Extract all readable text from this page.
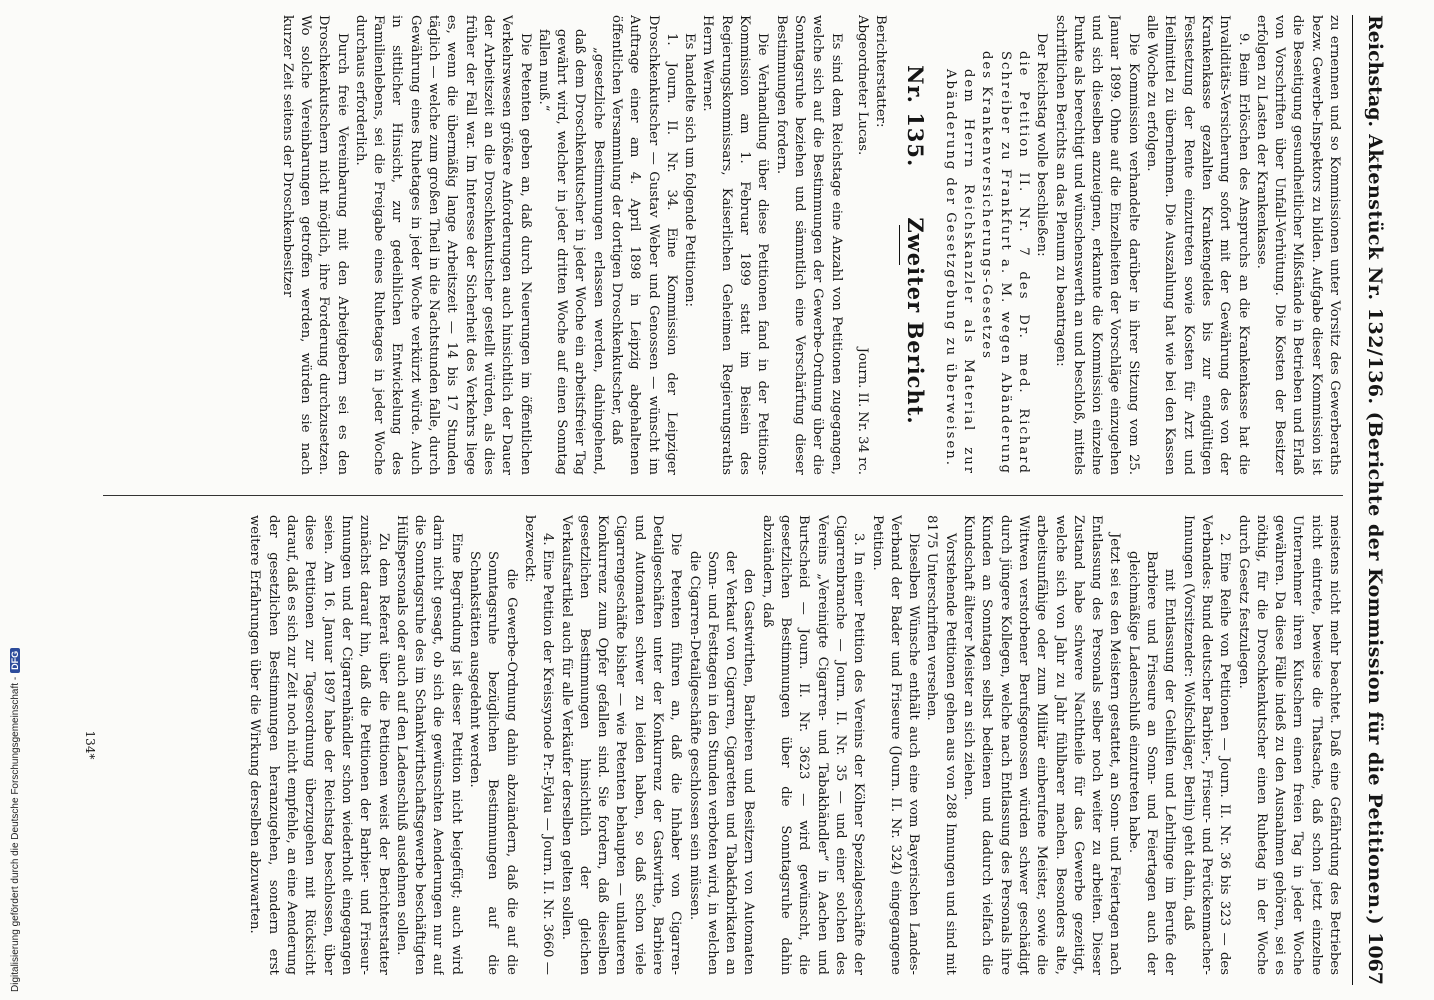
Digitalisierung gefördert durch die Deutsche Forschungsgemeinschaft -DFG
Reichstag.
Aktenstück Nr. 132/136. (Berichte der Kommission für die Petitionen.)
1067

zu ernennen und so Kommissionen unter Vorsitz des Gewerberaths bezw. Gewerbe-Inspektors zu bilden. Aufgabe dieser Kommission ist die Beseitigung gesundheitlicher Mißstände in Betrieben und Erlaß von Vorschriften über Unfall-Verhütung. Die Kosten der Besitzer erfolgen zu Lasten der Krankenkasse.

9. Beim Erlöschen des Anspruchs an die Krankenkasse hat die Invaliditäts-Versicherung sofort mit der Gewährung des von der Krankenkasse gezahlten Krankengeldes bis zur endgültigen Festsetzung der Rente einzutreten sowie Kosten für Arzt und Heilmittel zu übernehmen. Die Auszahlung hat wie bei den Kassen alle Woche zu erfolgen.

Die Kommission verhandelte darüber in ihrer Sitzung vom 25. Januar 1899. Ohne auf die Einzelheiten der Vorschläge einzugehen und sich dieselben anzueignen, erkannte die Kommission einzelne Punkte als berechtigt und wünschenswerth an und beschloß, mittels schriftlichen Berichts an das Plenum zu beantragen:

Der Reichstag wolle beschließen:

die Petition II. Nr. 7 des Dr. med. Richard Schreiber zu Frankfurt a. M. wegen Abänderung des Krankenversicherungs-Gesetzes

dem Herrn Reichskanzler als Material zur Abänderung der Gesetzgebung zu überweisen.

Nr. 135.Zweiter Bericht.
Berichterstatter:
Abgeordneter Lucas.
Journ. II. Nr. 34 rc.

Es sind dem Reichstage eine Anzahl von Petitionen zugegangen, welche sich auf die Bestimmungen der Gewerbe-Ordnung über die Sonntagsruhe beziehen und sämmtlich eine Verschärfung dieser Bestimmungen fordern.

Die Verhandlung über diese Petitionen fand in der Petitions-Kommission am 1. Februar 1899 statt im Beisein des Regierungskommissars, Kaiserlichen Geheimen Regierungsraths Herrn Werner.

Es handelte sich um folgende Petitionen:

1. Journ. II. Nr. 34. Eine Kommission der Leipziger Droschkenkutscher — Gustav Weber und Genossen — wünscht im Auftrage einer am 4. April 1898 in Leipzig abgehaltenen öffentlichen Versammlung der dortigen Droschkenkutscher, daß

„gesetzliche Bestimmungen erlassen werden, dahingehend, daß dem Droschkenkutscher in jeder Woche ein arbeitsfreier Tag gewährt wird, welcher in jeder dritten Woche auf einen Sonntag fallen muß.“

Die Petenten geben an, daß durch Neuerungen im öffentlichen Verkehrswesen größere Anforderungen auch hinsichtlich der Dauer der Arbeitszeit an die Droschkenkutscher gestellt würden, als dies früher der Fall war. Im Interesse der Sicherheit des Verkehrs liege es, wenn die übermäßig lange Arbeitszeit — 14 bis 17 Stunden täglich — welche zum großen Theil in die Nachtstunden falle, durch Gewährung eines Ruhetages in jeder Woche verkürzt würde. Auch in sittlicher Hinsicht, zur gedeihlichen Entwickelung des Familienlebens, sei die Freigabe eines Ruhetages in jeder Woche durchaus erforderlich.

Durch freie Vereinbarung mit den Arbeitgebern sei es den Droschkenkutschern nicht möglich, ihre Forderung durchzusetzen. Wo solche Vereinbarungen getroffen werden, würden sie nach kurzer Zeit seitens der Droschkenbesitzer

meistens nicht mehr beachtet. Daß eine Gefährdung des Betriebes nicht eintrete, beweise die Thatsache, daß schon jetzt einzelne Unternehmer ihren Kutschern einen freien Tag in jeder Woche gewähren. Da diese Fälle indeß zu den Ausnahmen gehören, sei es nöthig, für die Droschkenkutscher einen Ruhetag in der Woche durch Gesetz festzulegen.

2. Eine Reihe von Petitionen — Journ. II. Nr. 36 bis 323 — des Verbandes: Bund deutscher Barbier-, Friseur- und Perückenmacher-Innungen (Vorsitzender: Wolfschläger, Berlin) geht dahin, daß

mit Entlassung der Gehilfen und Lehrlinge im Berufe der Barbiere und Friseure an Sonn- und Feiertagen auch der gleichmäßige Ladenschluß einzutreten habe.

Jetzt sei es den Meistern gestattet, an Sonn- und Feiertagen nach Entlassung des Personals selber noch weiter zu arbeiten. Dieser Zustand habe schwere Nachtheile für das Gewerbe gezeitigt, welche sich von Jahr zu Jahr fühlbarer machen. Besonders alte, arbeitsunfähige oder zum Militär einberufene Meister, sowie die Wittwen verstorbener Berufsgenossen würden schwer geschädigt durch jüngere Kollegen, welche nach Entlassung des Personals ihre Kunden an Sonntagen selbst bedienen und dadurch vielfach die Kundschaft älterer Meister an sich ziehen.

Vorstehende Petitionen gehen aus von 288 Innungen und sind mit 8175 Unterschriften versehen.

Dieselben Wünsche enthält auch eine vom Bayerischen Landes-Verband der Bader und Friseure (Journ. II. Nr. 324) eingegangene Petition.

3. In einer Petition des Vereins der Kölner Spezialgeschäfte der Cigarrenbranche — Journ. II. Nr. 35 — und einer solchen des Vereins „Vereinigte Cigarren- und Tabakhändler“ in Aachen und Burtscheid — Journ. II. Nr. 3623 — wird gewünscht, die gesetzlichen Bestimmungen über die Sonntagsruhe dahin abzuändern, daß

den Gastwirthen, Barbieren und Besitzern von Automaten der Verkauf von Cigarren, Cigaretten und Tabakfabrikaten an Sonn- und Festtagen in den Stunden verboten wird, in welchen die Cigarren-Detailgeschäfte geschlossen sein müssen.

Die Petenten führen an, daß die Inhaber von Cigarren-Detailgeschäften unter der Konkurrenz der Gastwirthe, Barbiere und Automaten schwer zu leiden haben, so daß schon viele Cigarrengeschäfte bisher — wie Petenten behaupten — unlauteren Konkurrenz zum Opfer gefallen sind. Sie fordern, daß dieselben gesetzlichen Bestimmungen hinsichtlich der gleichen Verkaufsartikel auch für alle Verkäufer derselben gelten sollen.

4. Eine Petition der Kreissynode Pr.-Eylau — Journ. II. Nr. 3660 — bezweckt:

die Gewerbe-Ordnung dahin abzuändern, daß die auf die Sonntagsruhe bezüglichen Bestimmungen auf die Schankstätten ausgedehnt werden.

Eine Begründung ist dieser Petition nicht beigefügt; auch wird darin nicht gesagt, ob sich die gewünschten Aenderungen nur auf die Sonntagsruhe des im Schankwirthschaftsgewerbe beschäftigten Hülfspersonals oder auch auf den Ladenschluß ausdehnen sollen.

Zu dem Referat über die Petitionen weist der Berichterstatter zunächst darauf hin, daß die Petitionen der Barbier- und Friseur-Innungen und der Cigarrenhändler schon wiederholt eingegangen seien. Am 16. Januar 1897 habe der Reichstag beschlossen, über diese Petitionen zur Tagesordnung überzugehen mit Rücksicht darauf, daß es sich zur Zeit noch nicht empfehle, an eine Aenderung der gesetzlichen Bestimmungen heranzugehen, sondern erst weitere Erfahrungen über die Wirkung derselben abzuwarten.

134*
